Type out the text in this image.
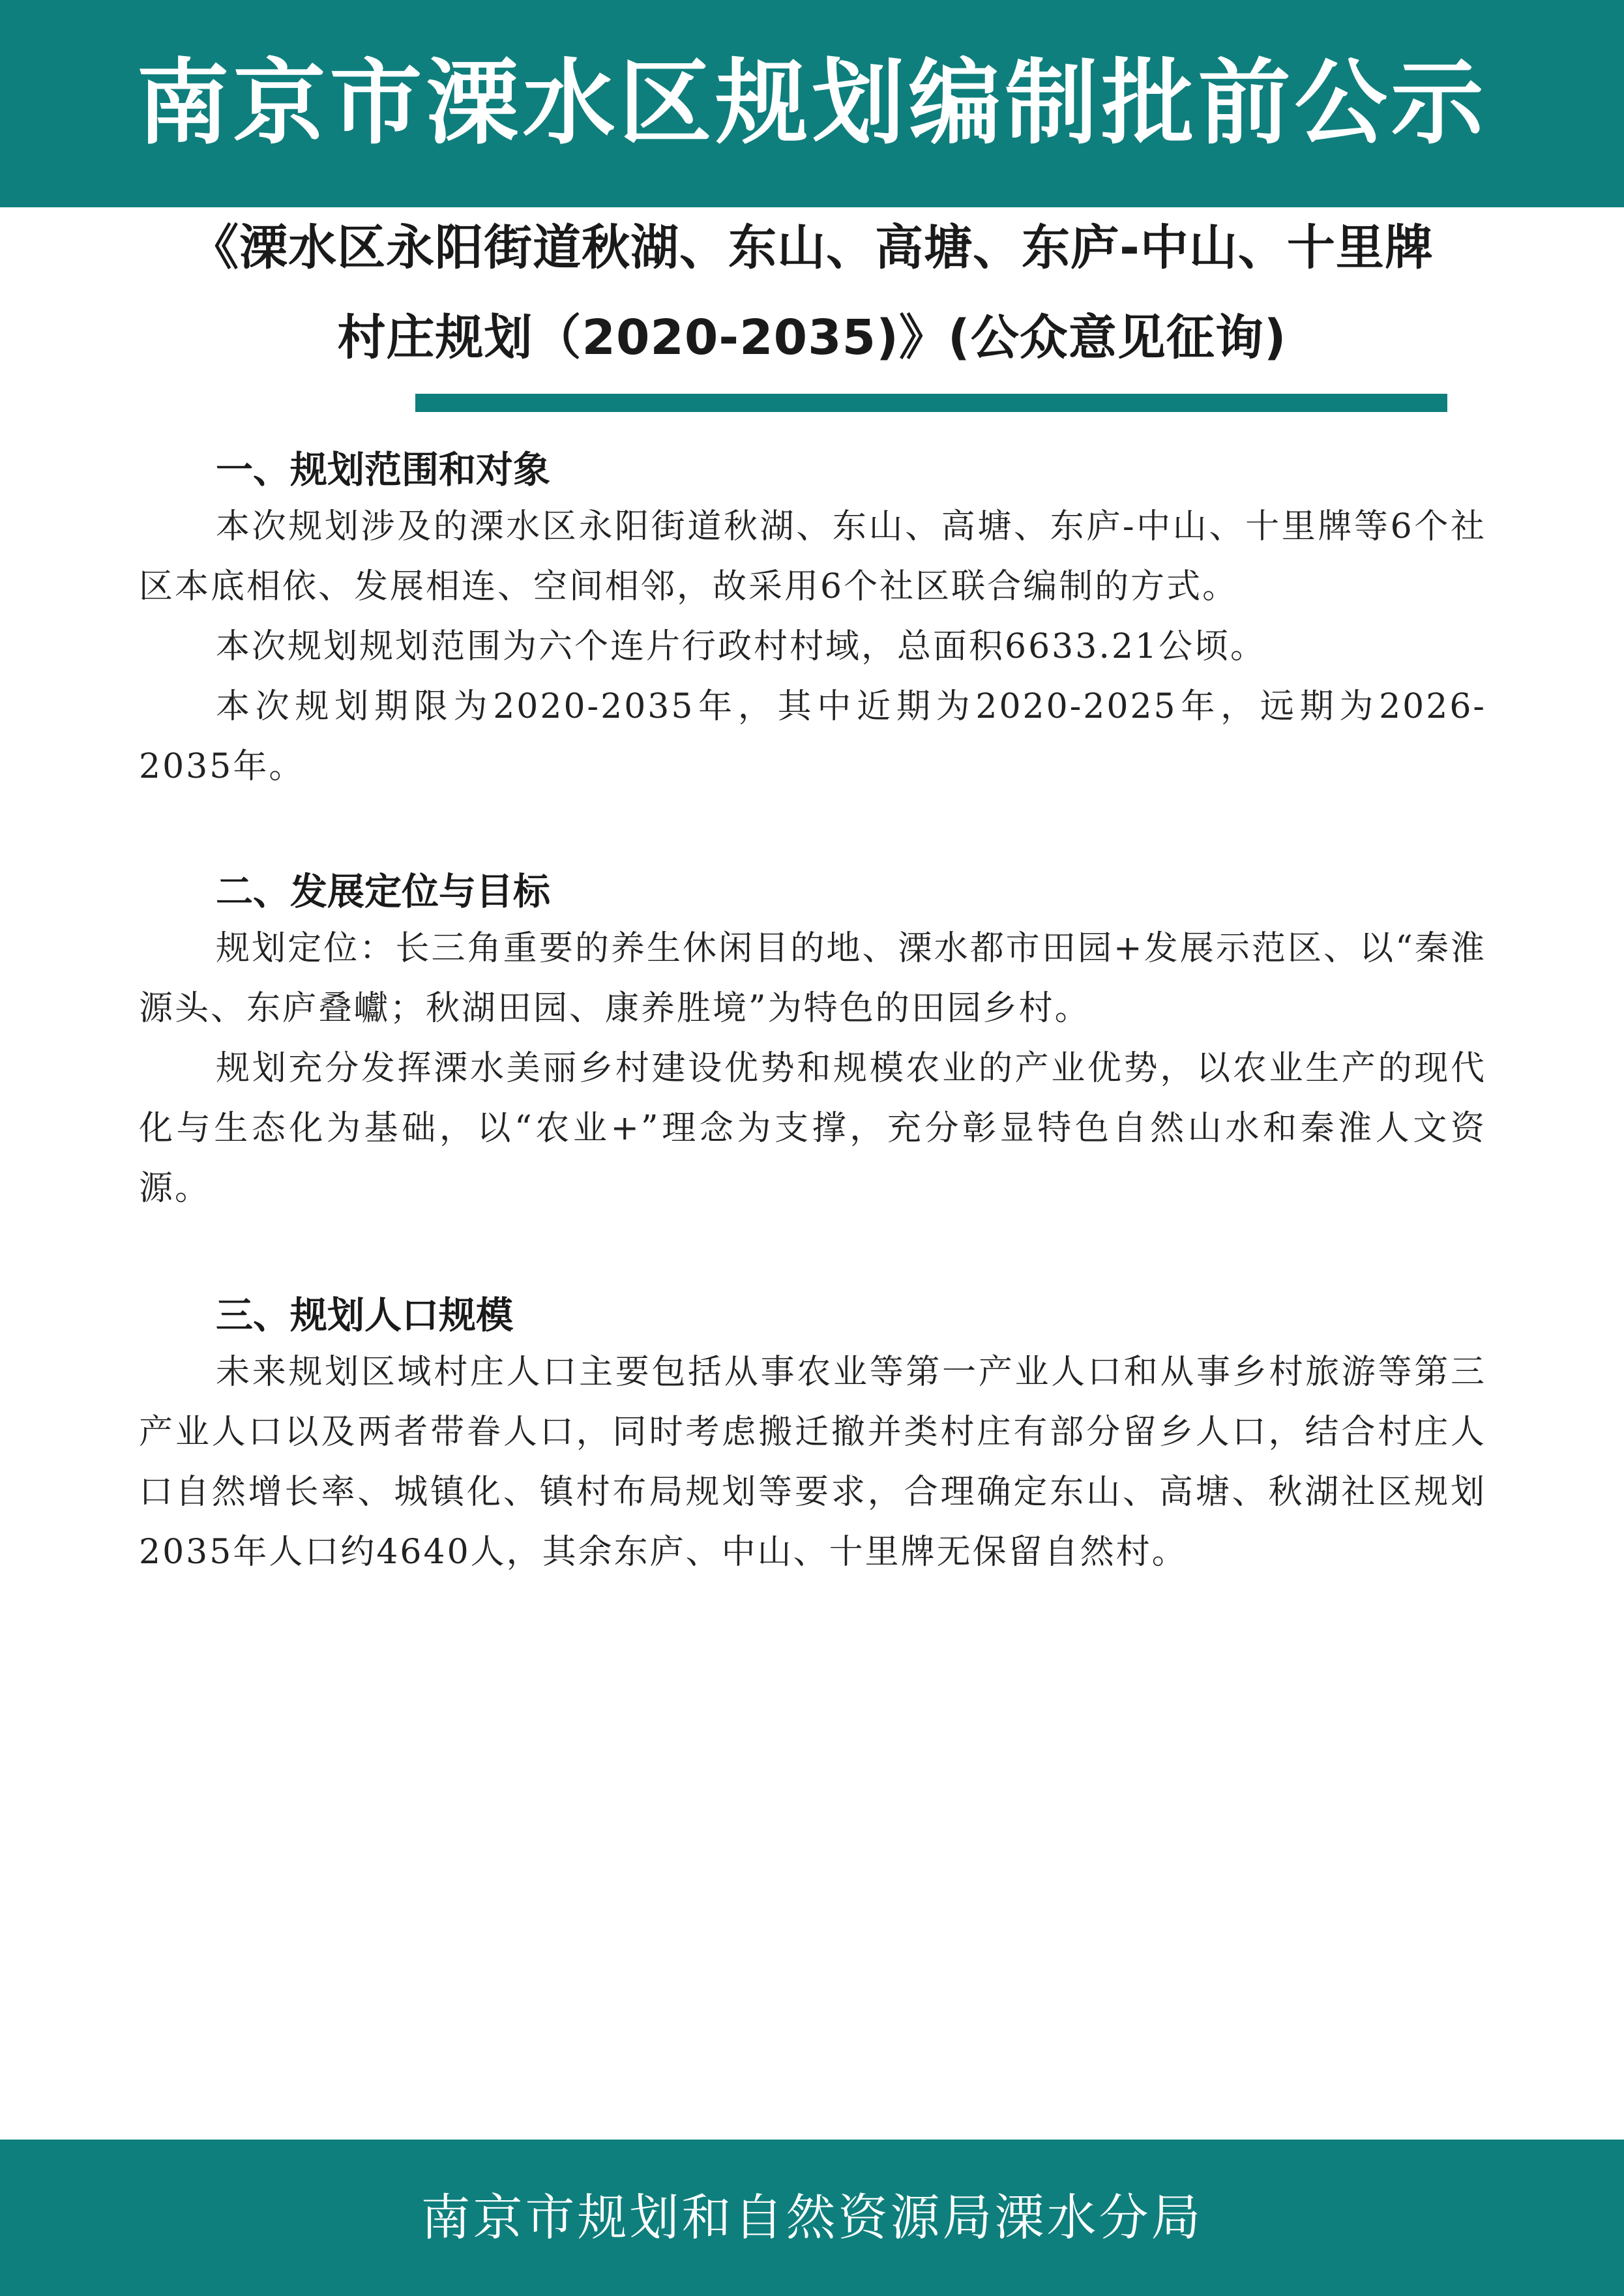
南京市溧水区规划编制批前公示
《溧水区永阳街道秋湖、东山、高塘、东庐-中山、十里牌
村庄规划（2020-2035)》(公众意见征询)
一、规划范围和对象

本次规划涉及的溧水区永阳街道秋湖、东山、高塘、东庐-中山、十里牌等6个社区本底相依、发展相连、空间相邻，故采用6个社区联合编制的方式。

本次规划规划范围为六个连片行政村村域，总面积6633.21公顷。

本次规划期限为2020-2035年，其中近期为2020-2025年，远期为2026-2035年。

二、发展定位与目标

规划定位：长三角重要的养生休闲目的地、溧水都市田园+发展示范区、以“秦淮源头、东庐叠巘；秋湖田园、康养胜境”为特色的田园乡村。

规划充分发挥溧水美丽乡村建设优势和规模农业的产业优势，以农业生产的现代化与生态化为基础，以“农业+”理念为支撑，充分彰显特色自然山水和秦淮人文资源。

三、规划人口规模

未来规划区域村庄人口主要包括从事农业等第一产业人口和从事乡村旅游等第三产业人口以及两者带眷人口，同时考虑搬迁撤并类村庄有部分留乡人口，结合村庄人口自然增长率、城镇化、镇村布局规划等要求，合理确定东山、高塘、秋湖社区规划2035年人口约4640人，其余东庐、中山、十里牌无保留自然村。

南京市规划和自然资源局溧水分局
